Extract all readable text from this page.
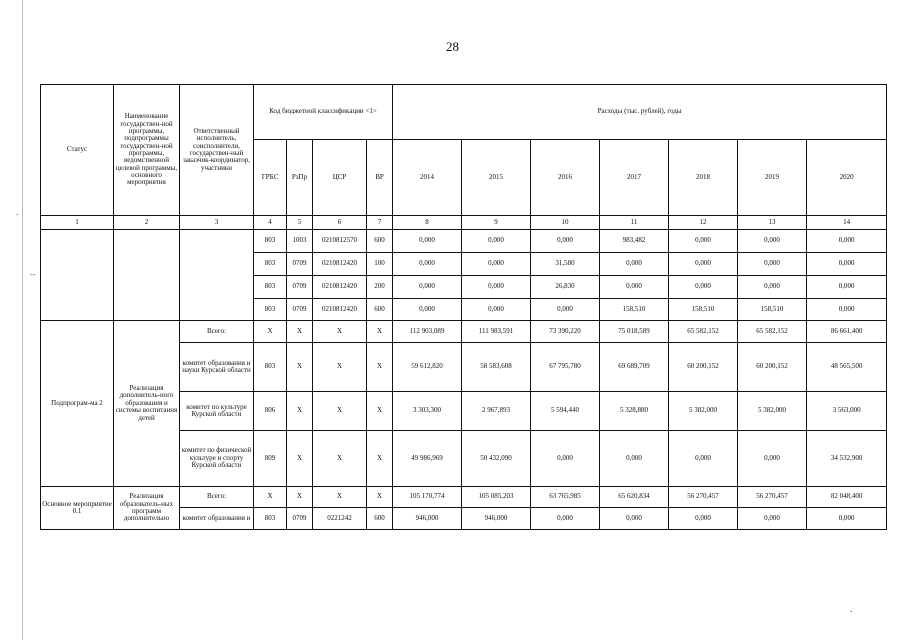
-
--
.
28
Статус	Наименование государствен-ной программы, подпрограммы государствен-ной программы, ведомственной целевой программы, основного мероприятия	Ответственный исполнитель, соисполнители, государствен-ный заказчик-координатор, участники	Код бюджетной классификации <1>				Расходы (тыс. рублей), годы						
			ГРБС	РзПр	ЦСР	ВР	2014	2015	2016	2017	2018	2019	2020
1	2	3	4	5	6	7	8	9	10	11	12	13	14
			803	1003	0210812570	600	0,000	0,000	0,000	983,482	0,000	0,000	0,000
			803	0709	0210812420	100	0,000	0,000	31,580	0,000	0,000	0,000	0,000
			803	0709	0210812420	200	0,000	0,000	26,830	0,000	0,000	0,000	0,000
			803	0709	0210812420	600	0,000	0,000	0,000	158,510	158,510	158,510	0,000
Подпрограм-ма 2	Реализация дополнитель-ного образования и системы воспитания детей	Всего:	X	X	X	X	112 903,089	111 983,591	73 390,220	75 018,589	65 582,152	65 582,152	86 661,400
		комитет образования и науки Курской области	803	X	X	X	59 612,820	58 583,608	67 795,780	69 689,709	60 200,152	60 200,152	48 565,500
		комитет по культуре Курской области	806	X	X	X	3 303,300	2 967,893	5 594,440	5 328,880	5 382,000	5 382,000	3 563,000
		комитет по физической культуре и спорту Курской области	809	X	X	X	49 986,969	50 432,090	0,000	0,000	0,000	0,000	34 532,900
Основное мероприятие 0.1	Реализация образователь-ных программ дополнительно	Всего:	X	X	X	X	105 170,774	105 085,203	63 765,985	65 620,834	56 270,457	56 270,457	82 048,400
		комитет образования и	803	0709	0221242	600	946,000	946,000	0,000	0,000	0,000	0,000	0,000
